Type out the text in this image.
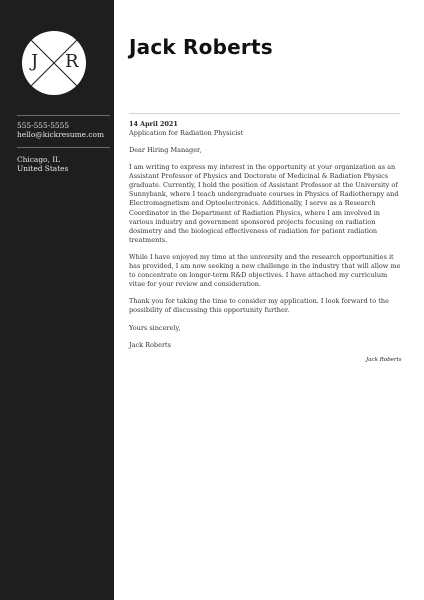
J R
555-555-5555
hello@kickresume.com
Chicago, IL
United States
Jack Roberts
14 April 2021
Application for Radiation Physicist

Dear Hiring Manager,

I am writing to express my interest in the opportunity at your organization as an Assistant Professor of Physics and Doctorate of Medicinal & Radiation Physics graduate. Currently, I hold the position of Assistant Professor at the University of Sunnybank, where I teach undergraduate courses in Physics of Radiotherapy and Electromagnetism and Optoelectronics. Additionally, I serve as a Research Coordinator in the Department of Radiation Physics, where I am involved in various industry and government sponsored projects focusing on radiation dosimetry and the biological effectiveness of radiation for patient radiation treatments.

While I have enjoyed my time at the university and the research opportunities it has provided, I am now seeking a new challenge in the industry that will allow me to concentrate on longer-term R&D objectives. I have attached my curriculum vitae for your review and consideration.

Thank you for taking the time to consider my application. I look forward to the possibility of discussing this opportunity further.

Yours sincerely,

Jack Roberts

Jack Roberts
